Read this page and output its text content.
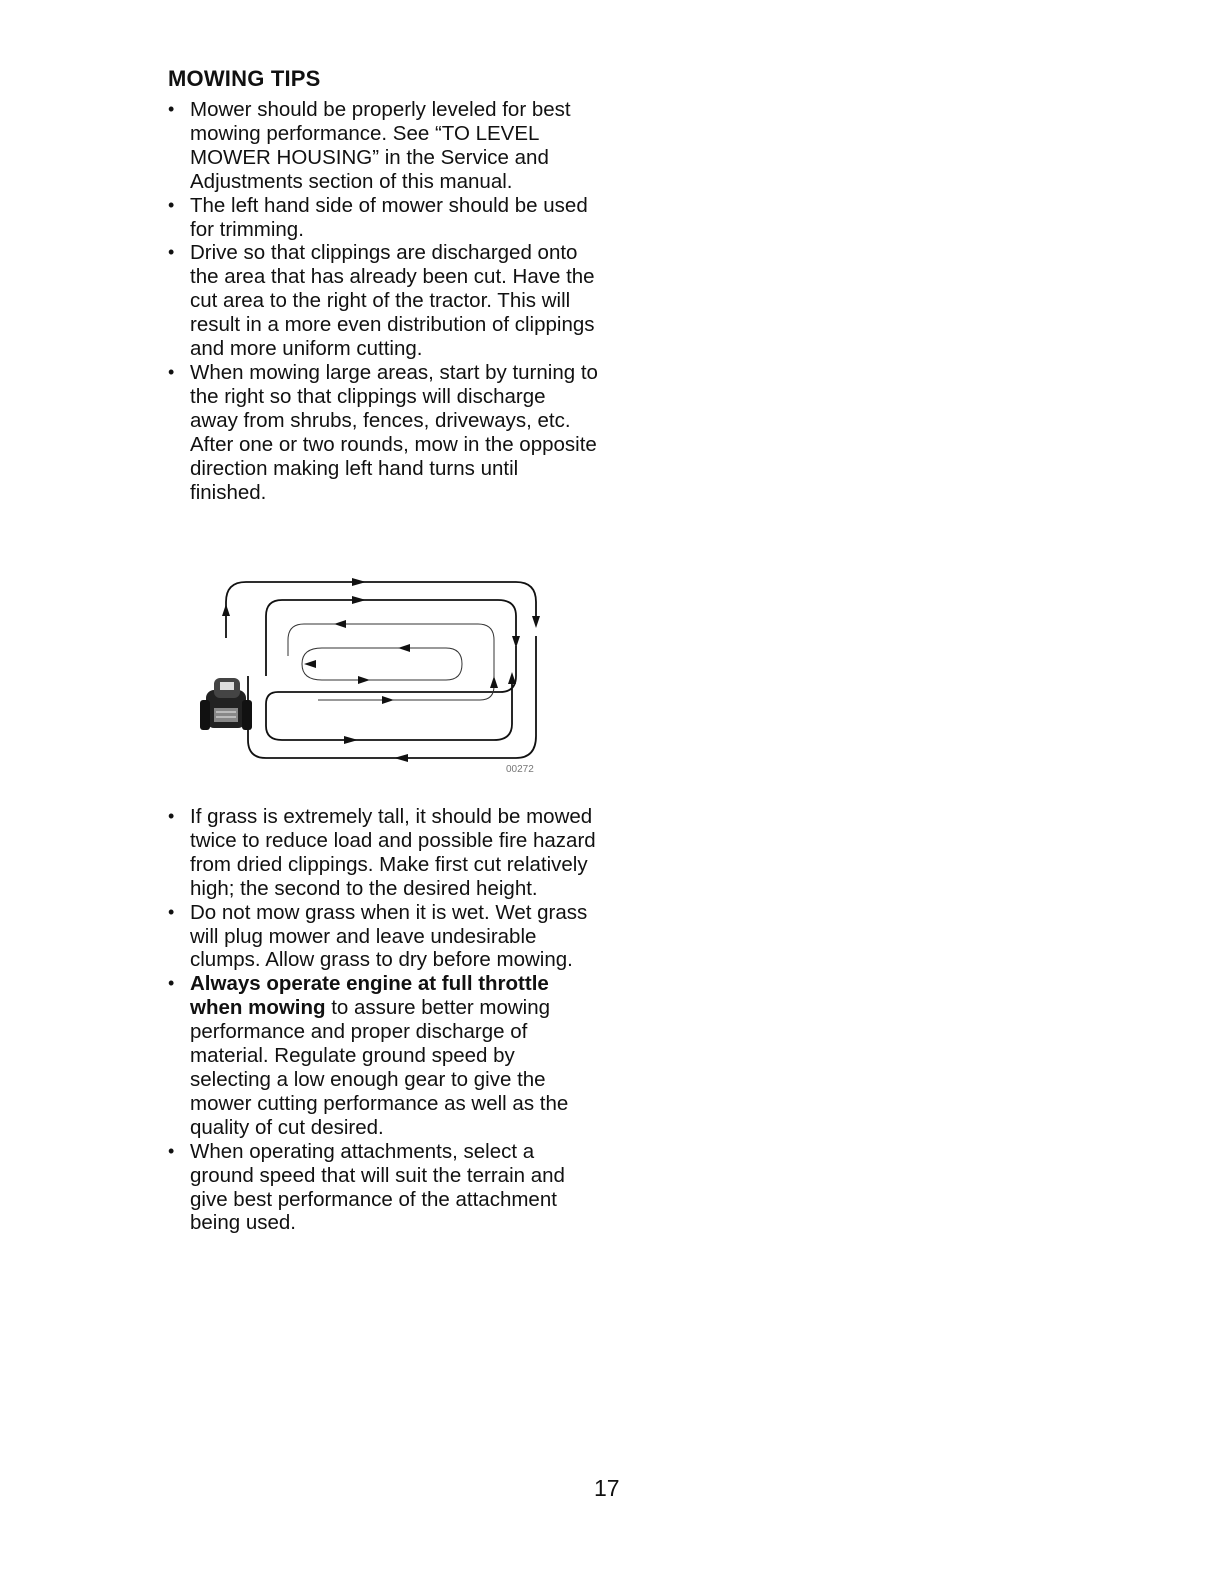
MOWING TIPS
• Mower should be properly leveled for best mowing performance. See “TO LEVEL MOWER HOUSING” in the Service and Adjustments section of this manual.
• The left hand side of mower should be used for trimming.
• Drive so that clippings are discharged onto the area that has already been cut. Have the cut area to the right of the tractor. This will result in a more even distribution of clippings and more uniform cutting.
• When mowing large areas, start by turning to the right so that clippings will discharge away from shrubs, fences, driveways, etc. After one or two rounds, mow in the opposite direction making left hand turns until finished.
00272
• If grass is extremely tall, it should be mowed twice to reduce load and possible fire hazard from dried clippings. Make first cut relatively high; the second to the desired height.
• Do not mow grass when it is wet. Wet grass will plug mower and leave undesirable clumps. Allow grass to dry before mowing.
• Always operate engine at full throttle when mowing to assure better mowing performance and proper discharge of material. Regulate ground speed by selecting a low enough gear to give the mower cutting performance as well as the quality of cut desired.
• When operating attachments, select a ground speed that will suit the terrain and give best performance of the attachment being used.

17
